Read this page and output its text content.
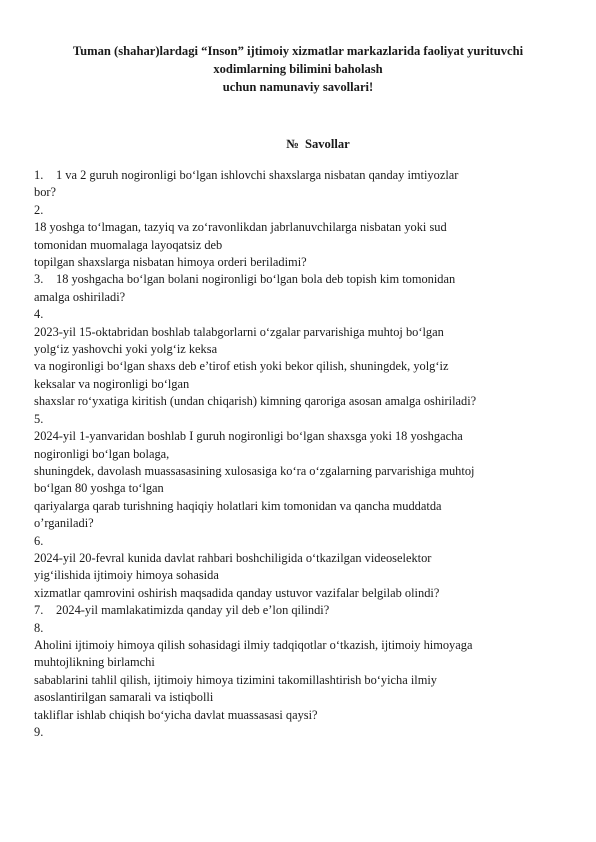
Tuman (shahar)lardagi “Inson” ijtimoiy xizmatlar markazlarida faoliyat yurituvchi
xodimlarning bilimini baholash
uchun namunaviy savollari!
№ Savollar
1. 1 va 2 guruh nogironligi bo‘lgan ishlovchi shaxslarga nisbatan qanday imtiyozlar
bor?
2.
18 yoshga to‘lmagan, tazyiq va zo‘ravonlikdan jabrlanuvchilarga nisbatan yoki sud
tomonidan muomalaga layoqatsiz deb
topilgan shaxslarga nisbatan himoya orderi beriladimi?
3. 18 yoshgacha bo‘lgan bolani nogironligi bo‘lgan bola deb topish kim tomonidan
amalga oshiriladi?
4.
2023-yil 15-oktabridan boshlab talabgorlarni o‘zgalar parvarishiga muhtoj bo‘lgan
yolg‘iz yashovchi yoki yolg‘iz keksa
va nogironligi bo‘lgan shaxs deb e’tirof etish yoki bekor qilish, shuningdek, yolg‘iz
keksalar va nogironligi bo‘lgan
shaxslar ro‘yxatiga kiritish (undan chiqarish) kimning qaroriga asosan amalga oshiriladi?
5.
2024-yil 1-yanvaridan boshlab I guruh nogironligi bo‘lgan shaxsga yoki 18 yoshgacha
nogironligi bo‘lgan bolaga,
shuningdek, davolash muassasasining xulosasiga ko‘ra o‘zgalarning parvarishiga muhtoj
bo‘lgan 80 yoshga to‘lgan
qariyalarga qarab turishning haqiqiy holatlari kim tomonidan va qancha muddatda
o’rganiladi?
6.
2024-yil 20-fevral kunida davlat rahbari boshchiligida o‘tkazilgan videoselektor
yig‘ilishida ijtimoiy himoya sohasida
xizmatlar qamrovini oshirish maqsadida qanday ustuvor vazifalar belgilab olindi?
7. 2024-yil mamlakatimizda qanday yil deb e’lon qilindi?
8.
Aholini ijtimoiy himoya qilish sohasidagi ilmiy tadqiqotlar o‘tkazish, ijtimoiy himoyaga
muhtojlikning birlamchi
sabablarini tahlil qilish, ijtimoiy himoya tizimini takomillashtirish bo‘yicha ilmiy
asoslantirilgan samarali va istiqbolli
takliflar ishlab chiqish bo‘yicha davlat muassasasi qaysi?
9.
